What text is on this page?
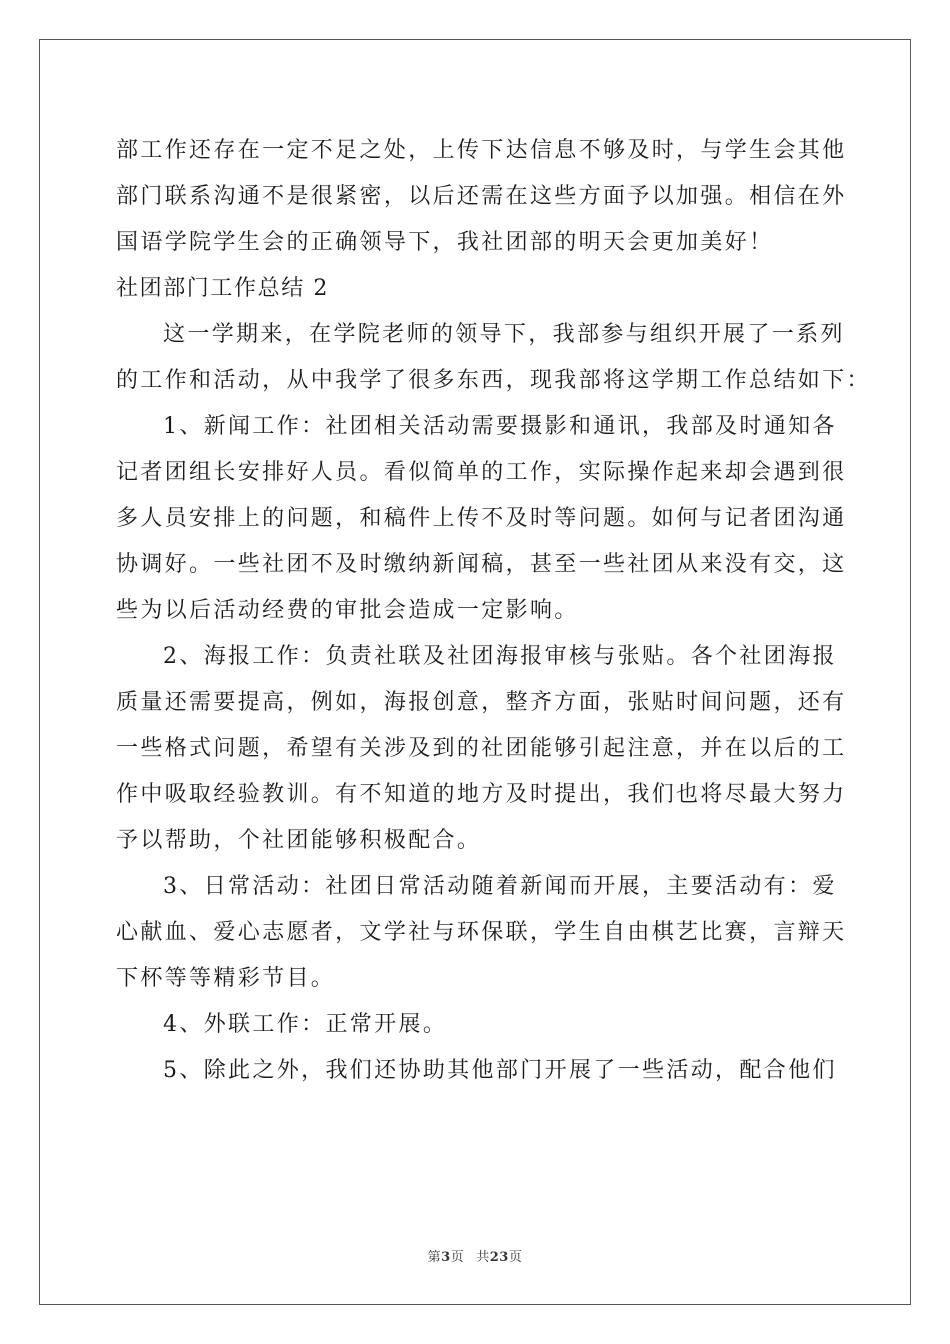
部工作还存在一定不足之处，上传下达信息不够及时，与学生会其他
部门联系沟通不是很紧密，以后还需在这些方面予以加强。相信在外
国语学院学生会的正确领导下，我社团部的明天会更加美好！
社团部门工作总结 2
这一学期来，在学院老师的领导下，我部参与组织开展了一系列
的工作和活动，从中我学了很多东西，现我部将这学期工作总结如下：
1、新闻工作：社团相关活动需要摄影和通讯，我部及时通知各
记者团组长安排好人员。看似简单的工作，实际操作起来却会遇到很
多人员安排上的问题，和稿件上传不及时等问题。如何与记者团沟通
协调好。一些社团不及时缴纳新闻稿，甚至一些社团从来没有交，这
些为以后活动经费的审批会造成一定影响。
2、海报工作：负责社联及社团海报审核与张贴。各个社团海报
质量还需要提高，例如，海报创意，整齐方面，张贴时间问题，还有
一些格式问题，希望有关涉及到的社团能够引起注意，并在以后的工
作中吸取经验教训。有不知道的地方及时提出，我们也将尽最大努力
予以帮助，个社团能够积极配合。
3、日常活动：社团日常活动随着新闻而开展，主要活动有：爱
心献血、爱心志愿者，文学社与环保联，学生自由棋艺比赛，言辩天
下杯等等精彩节目。
4、外联工作：正常开展。
5、除此之外，我们还协助其他部门开展了一些活动，配合他们
第3页 共23页
